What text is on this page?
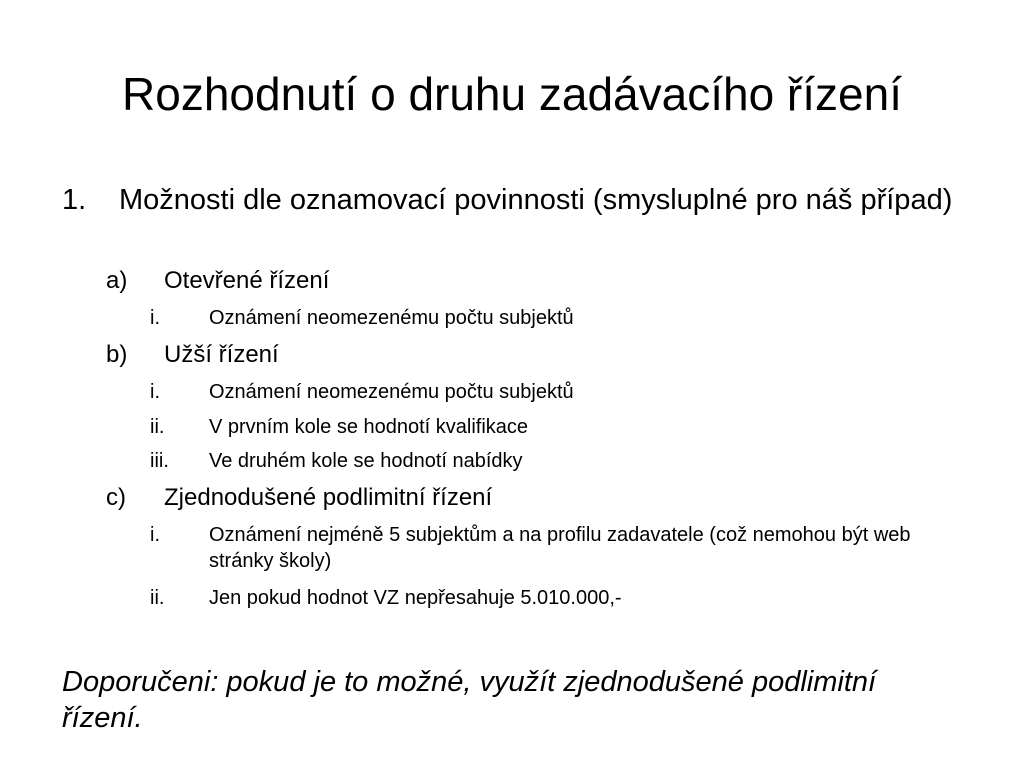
Rozhodnutí o druhu zadávacího řízení
1. Možnosti dle oznamovací povinnosti (smysluplné pro náš případ)
a) Otevřené řízení
i. Oznámení neomezenému počtu subjektů
b) Užší řízení
i. Oznámení neomezenému počtu subjektů
ii. V prvním kole se hodnotí kvalifikace
iii. Ve druhém kole se hodnotí nabídky
c) Zjednodušené podlimitní řízení
i. Oznámení nejméně 5 subjektům a na profilu zadavatele (což nemohou být web stránky školy)
ii. Jen pokud hodnot VZ nepřesahuje 5.010.000,-
Doporučeni: pokud je to možné, využít zjednodušené podlimitní řízení.
